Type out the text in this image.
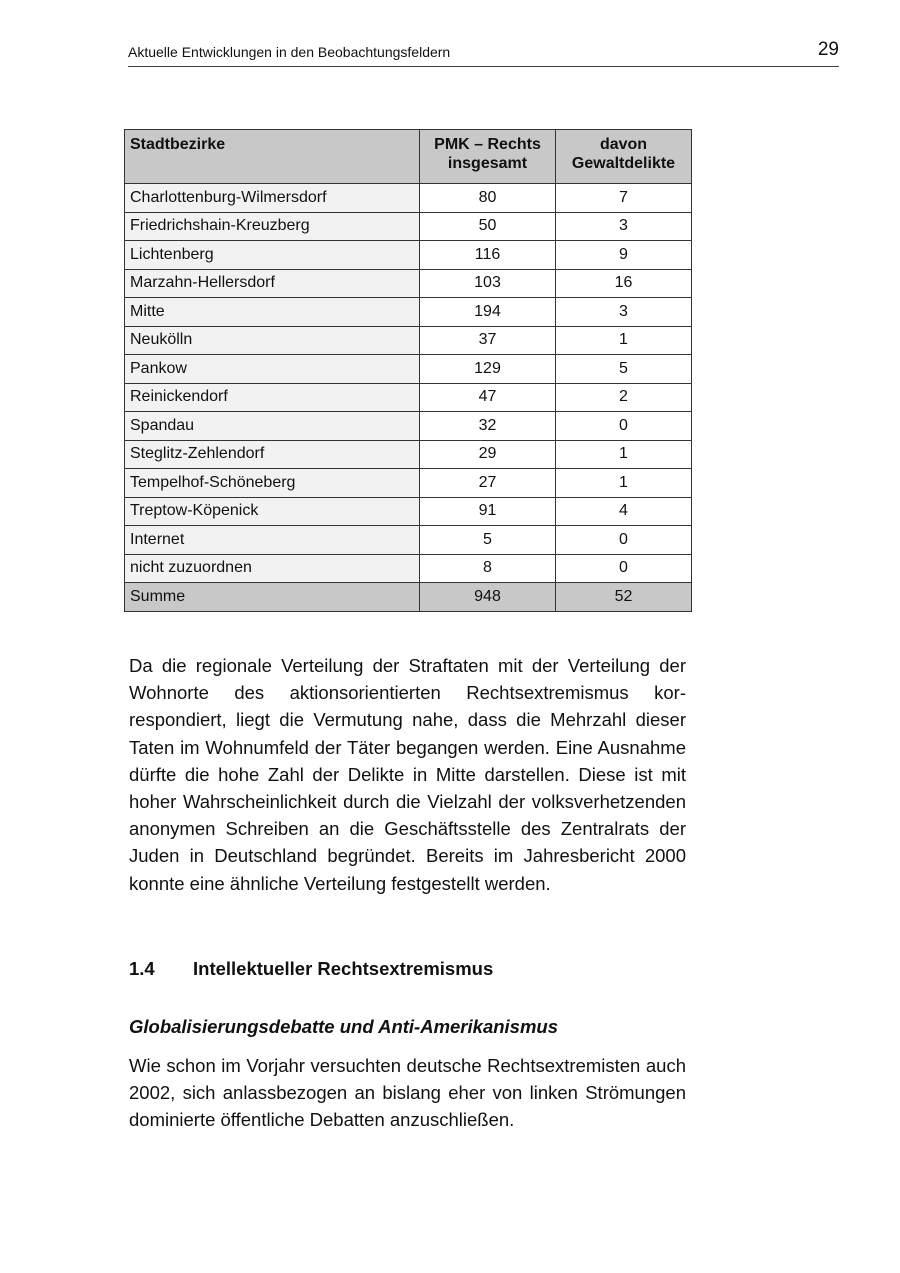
Aktuelle Entwicklungen in den Beobachtungsfeldern	29
Stadtbezirke	PMK – Rechts insgesamt	davon Gewaltdelikte
Charlottenburg-Wilmersdorf	80	7
Friedrichshain-Kreuzberg	50	3
Lichtenberg	116	9
Marzahn-Hellersdorf	103	16
Mitte	194	3
Neukölln	37	1
Pankow	129	5
Reinickendorf	47	2
Spandau	32	0
Steglitz-Zehlendorf	29	1
Tempelhof-Schöneberg	27	1
Treptow-Köpenick	91	4
Internet	5	0
nicht zuzuordnen	8	0
Summe	948	52

Da die regionale Verteilung der Straftaten mit der Verteilung der Wohnorte des aktionsorientierten Rechtsextremismus kor-respondiert, liegt die Vermutung nahe, dass die Mehrzahl dieser Taten im Wohnumfeld der Täter begangen werden. Eine Ausnahme dürfte die hohe Zahl der Delikte in Mitte darstellen. Diese ist mit hoher Wahrscheinlichkeit durch die Vielzahl der volksverhetzenden anonymen Schreiben an die Geschäftsstelle des Zentralrats der Juden in Deutschland begründet. Bereits im Jahresbericht 2000 konnte eine ähnliche Verteilung festgestellt werden.

1.4 Intellektueller Rechtsextremismus
Globalisierungsdebatte und Anti-Amerikanismus

Wie schon im Vorjahr versuchten deutsche Rechtsextremisten auch 2002, sich anlassbezogen an bislang eher von linken Strömungen dominierte öffentliche Debatten anzuschließen.
